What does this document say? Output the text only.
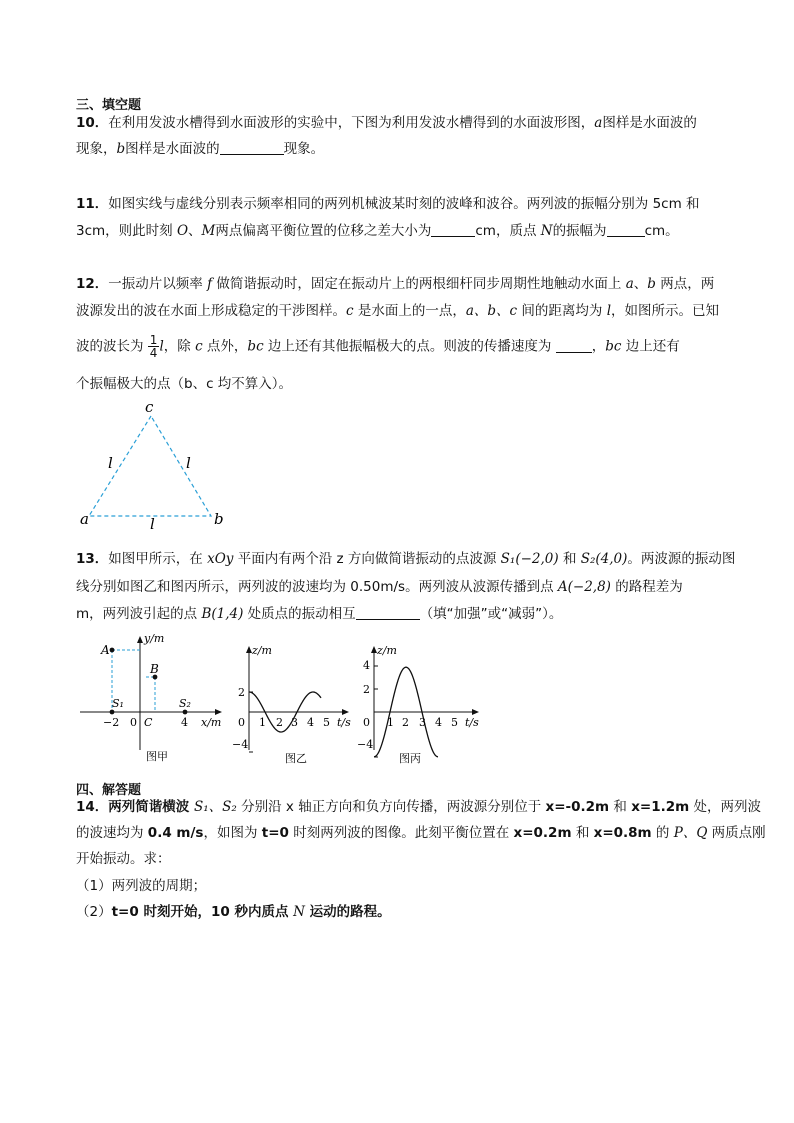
三、填空题
10．在利用发波水槽得到水面波形的实验中，下图为利用发波水槽得到的水面波形图，a图样是水面波的
现象，b图样是水面波的	现象。
11．如图实线与虚线分别表示频率相同的两列机械波某时刻的波峰和波谷。两列波的振幅分别为 5cm 和
3cm，则此时刻 O、M两点偏离平衡位置的位移之差大小为	cm，质点 N的振幅为	cm。
12．一振动片以频率 f 做简谐振动时，固定在振动片上的两根细杆同步周期性地触动水面上 a、b 两点，两
波源发出的波在水面上形成稳定的干涉图样。c 是水面上的一点，a、b、c 间的距离均为 l，如图所示。已知
波的波长为 $\frac{1}{4}$ l，除 c 点外，bc 边上还有其他振幅极大的点。则波的传播速度为	，bc 边上还有
个振幅极大的点（b、c 均不算入）。
c
a	b
l	l
l
13．如图甲所示，在 xOy 平面内有两个沿 z 方向做简谐振动的点波源 S₁(−2,0) 和 S₂(4,0)。两波源的振动图
线分别如图乙和图丙所示，两列波的波速均为 0.50m/s。两列波从波源传播到点 A(−2,8) 的路程差为
m，两列波引起的点 B(1,4) 处质点的振动相互	（填“加强”或“减弱”）。
y/m
A
B
S₁	S₂
−2 0 C	4 x/m
图甲
z/m
2
−4
0 1 2 3 4 5 t/s
图乙
z/m
4
2
−4
0 1 2 3 4 5 t/s
图丙
四、解答题
14．两列简谐横波 S₁、S₂ 分别沿 x 轴正方向和负方向传播，两波源分别位于 x=-0.2m 和 x=1.2m 处，两列波
的波速均为 0.4 m/s，如图为 t=0 时刻两列波的图像。此刻平衡位置在 x=0.2m 和 x=0.8m 的 P、Q 两质点刚
开始振动。求：
（1）两列波的周期；
（2）t=0 时刻开始，10 秒内质点 N 运动的路程。
